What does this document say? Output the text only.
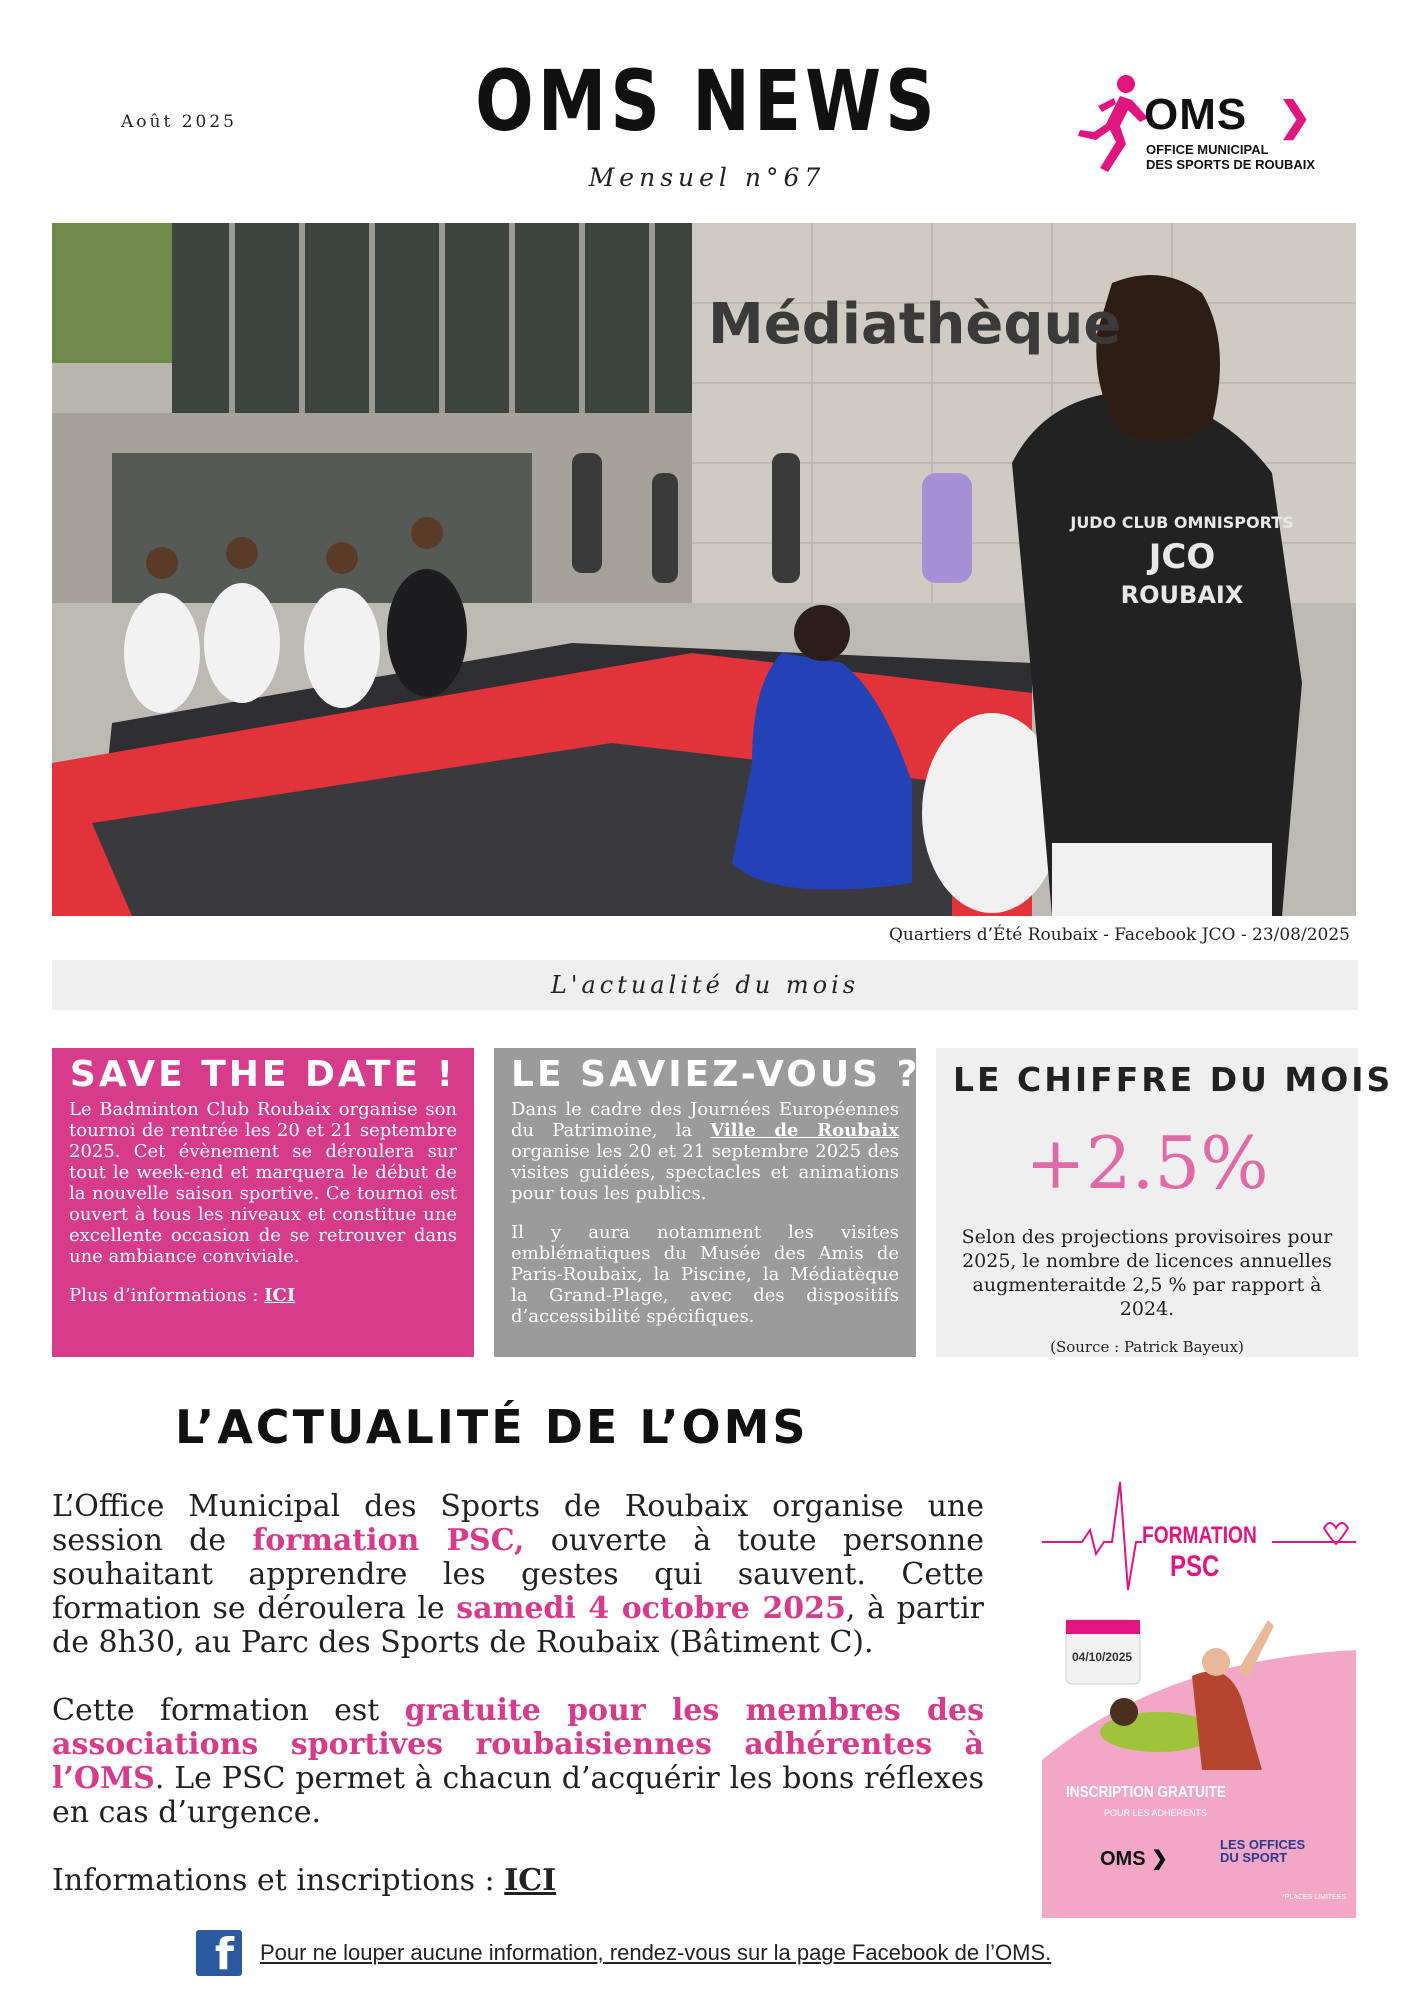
Août 2025	OMS NEWS
Mensuel n°67
OMS ❯
OFFICE MUNICIPAL
DES SPORTS DE ROUBAIX
Médiathèque
JUDO CLUB OMNISPORTS
JCO
ROUBAIX
Quartiers d’Été Roubaix - Facebook JCO - 23/08/2025
L'actualité du mois
SAVE THE DATE !

Le Badminton Club Roubaix organise son tournoi de rentrée les 20 et 21 septembre 2025. Cet évènement se déroulera sur tout le week-end et marquera le début de la nouvelle saison sportive. Ce tournoi est ouvert à tous les niveaux et constitue une excellente occasion de se retrouver dans une ambiance conviviale.

Plus d’informations : ICI

LE SAVIEZ-VOUS ?

Dans le cadre des Journées Européennes du Patrimoine, la Ville de Roubaix organise les 20 et 21 septembre 2025 des visites guidées, spectacles et animations pour tous les publics.

Il y aura notamment les visites emblématiques du Musée des Amis de Paris-Roubaix, la Piscine, la Médiatèque la Grand-Plage, avec des dispositifs d’accessibilité spécifiques.

LE CHIFFRE DU MOIS
+2.5%

Selon des projections provisoires pour 2025, le nombre de licences annuelles augmenteraitde 2,5 % par rapport à 2024.

(Source : Patrick Bayeux)

L’ACTUALITÉ DE L’OMS

L’Office Municipal des Sports de Roubaix organise une session de formation PSC, ouverte à toute personne souhaitant apprendre les gestes qui sauvent. Cette formation se déroulera le samedi 4 octobre 2025, à partir de 8h30, au Parc des Sports de Roubaix (Bâtiment C).

Cette formation est gratuite pour les membres des associations sportives roubaisiennes adhérentes à l’OMS. Le PSC permet à chacun d’acquérir les bons réflexes en cas d’urgence.

Informations et inscriptions : ICI

FORMATION
PSC
04/10/2025
INSCRIPTION GRATUITE
POUR LES ADHERENTS
OMS ❯
LES OFFICES
DU SPORT
*PLACES LIMITEES
f Pour ne louper aucune information, rendez-vous sur la page Facebook de l’OMS.
